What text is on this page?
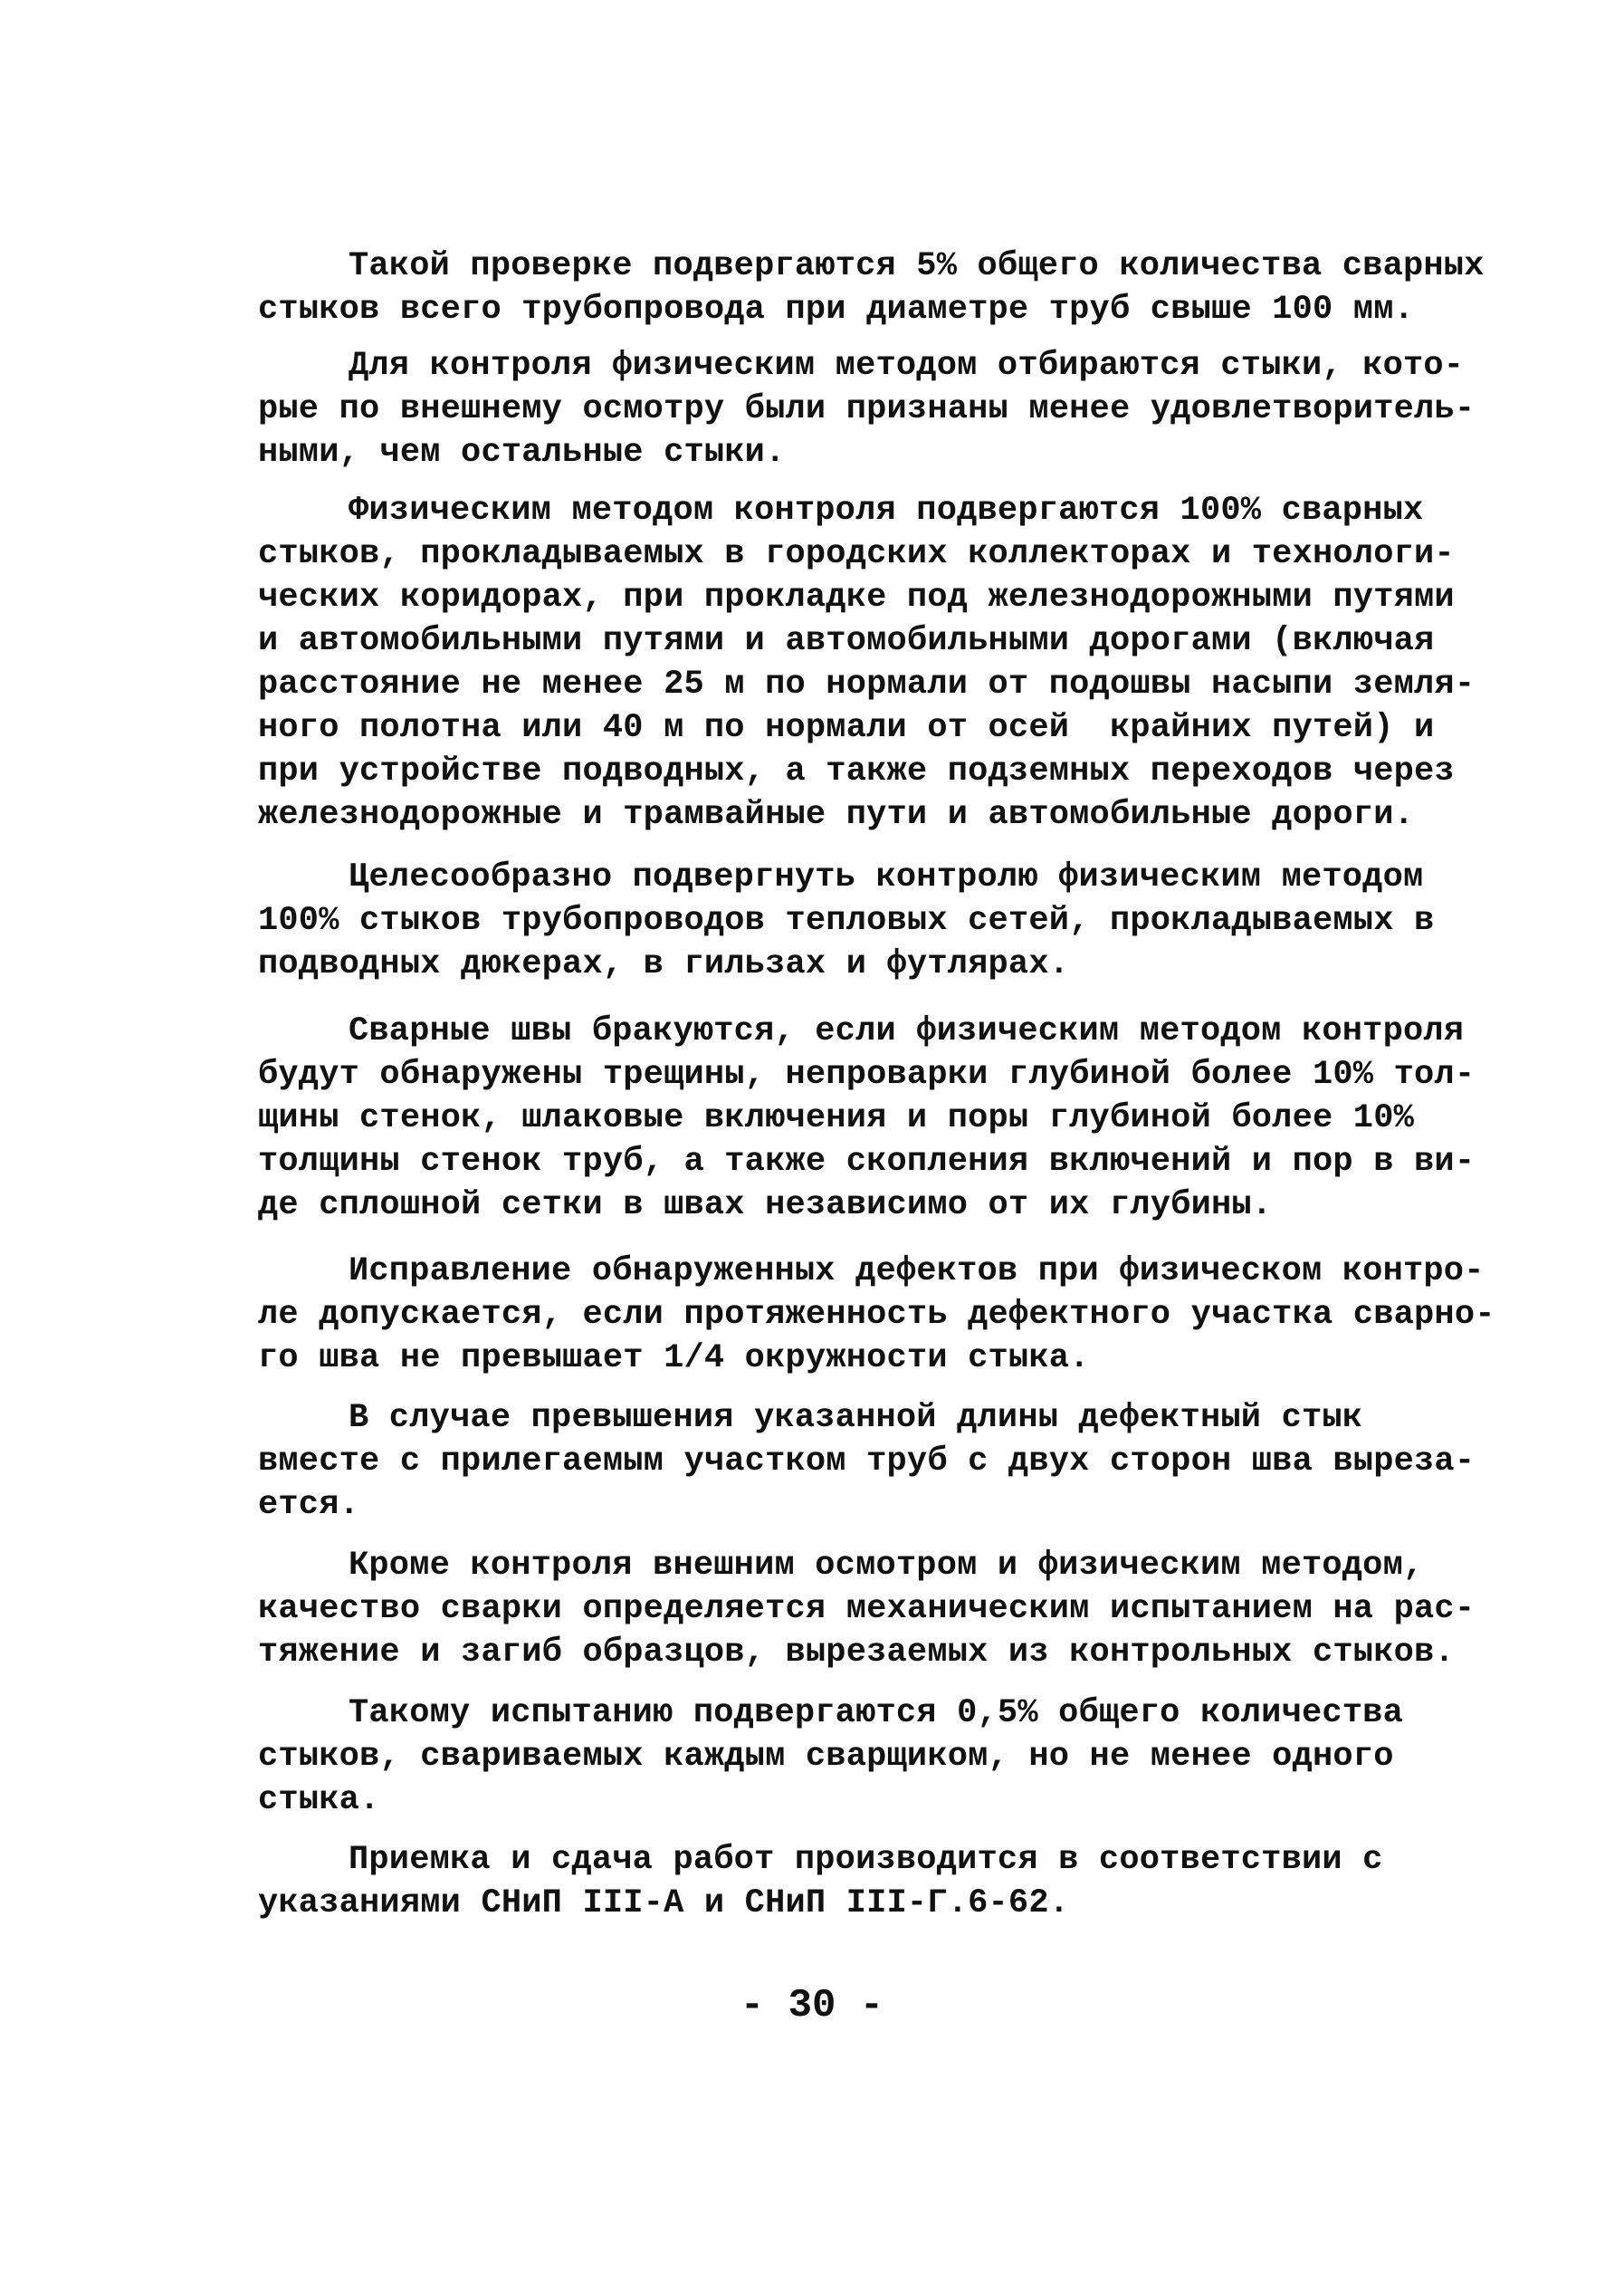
Такой проверке подвергаются 5% общего количества сварных
стыков всего трубопровода при диаметре труб свыше 100 мм.
Для контроля физическим методом отбираются стыки, кото-
рые по внешнему осмотру были признаны менее удовлетворитель-
ными, чем остальные стыки.
Физическим методом контроля подвергаются 100% сварных
стыков, прокладываемых в городских коллекторах и технологи-
ческих коридорах, при прокладке под железнодорожными путями
и автомобильными путями и автомобильными дорогами (включая
расстояние не менее 25 м по нормали от подошвы насыпи земля-
ного полотна или 40 м по нормали от осей  крайних путей) и
при устройстве подводных, а также подземных переходов через
железнодорожные и трамвайные пути и автомобильные дороги.
Целесообразно подвергнуть контролю физическим методом
100% стыков трубопроводов тепловых сетей, прокладываемых в
подводных дюкерах, в гильзах и футлярах.
Сварные швы бракуются, если физическим методом контроля
будут обнаружены трещины, непроварки глубиной более 10% тол-
щины стенок, шлаковые включения и поры глубиной более 10%
толщины стенок труб, а также скопления включений и пор в ви-
де сплошной сетки в швах независимо от их глубины.
Исправление обнаруженных дефектов при физическом контро-
ле допускается, если протяженность дефектного участка сварно-
го шва не превышает 1/4 окружности стыка.
В случае превышения указанной длины дефектный стык
вместе с прилегаемым участком труб с двух сторон шва выреза-
ется.
Кроме контроля внешним осмотром и физическим методом,
качество сварки определяется механическим испытанием на рас-
тяжение и загиб образцов, вырезаемых из контрольных стыков.
Такому испытанию подвергаются 0,5% общего количества
стыков, свариваемых каждым сварщиком, но не менее одного
стыка.
Приемка и сдача работ производится в соответствии с
указаниями СНиП III-А и СНиП III-Г.6-62.
- 30 -
